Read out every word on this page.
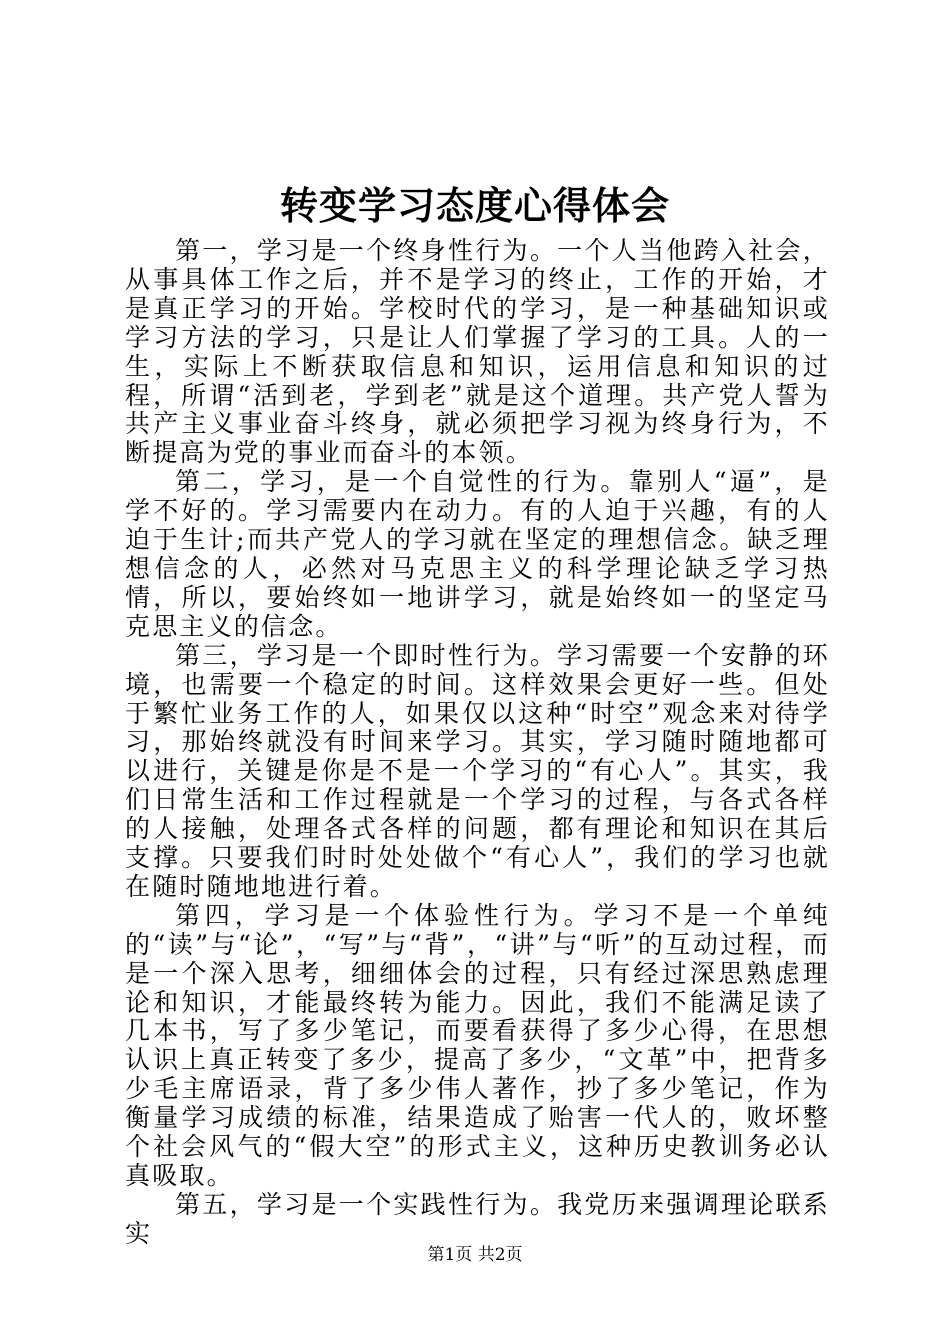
转变学习态度心得体会

第一，学习是一个终身性行为。一个人当他跨入社会，从事具体工作之后，并不是学习的终止，工作的开始，才是真正学习的开始。学校时代的学习，是一种基础知识或学习方法的学习，只是让人们掌握了学习的工具。人的一生，实际上不断获取信息和知识，运用信息和知识的过程，所谓“活到老，学到老”就是这个道理。共产党人誓为共产主义事业奋斗终身，就必须把学习视为终身行为，不断提高为党的事业而奋斗的本领。

第二，学习，是一个自觉性的行为。靠别人“逼”，是学不好的。学习需要内在动力。有的人迫于兴趣，有的人迫于生计;而共产党人的学习就在坚定的理想信念。缺乏理想信念的人，必然对马克思主义的科学理论缺乏学习热情，所以，要始终如一地讲学习，就是始终如一的坚定马克思主义的信念。

第三，学习是一个即时性行为。学习需要一个安静的环境，也需要一个稳定的时间。这样效果会更好一些。但处于繁忙业务工作的人，如果仅以这种“时空”观念来对待学习，那始终就没有时间来学习。其实，学习随时随地都可以进行，关键是你是不是一个学习的“有心人”。其实，我们日常生活和工作过程就是一个学习的过程，与各式各样的人接触，处理各式各样的问题，都有理论和知识在其后支撑。只要我们时时处处做个“有心人”，我们的学习也就在随时随地地进行着。

第四，学习是一个体验性行为。学习不是一个单纯的“读”与“论”，“写”与“背”，“讲”与“听”的互动过程，而是一个深入思考，细细体会的过程，只有经过深思熟虑理论和知识，才能最终转为能力。因此，我们不能满足读了几本书，写了多少笔记，而要看获得了多少心得，在思想认识上真正转变了多少，提高了多少，“文革”中，把背多少毛主席语录，背了多少伟人著作，抄了多少笔记，作为衡量学习成绩的标准，结果造成了贻害一代人的，败坏整个社会风气的“假大空”的形式主义，这种历史教训务必认真吸取。

第五，学习是一个实践性行为。我党历来强调理论联系实

第1页 共2页
